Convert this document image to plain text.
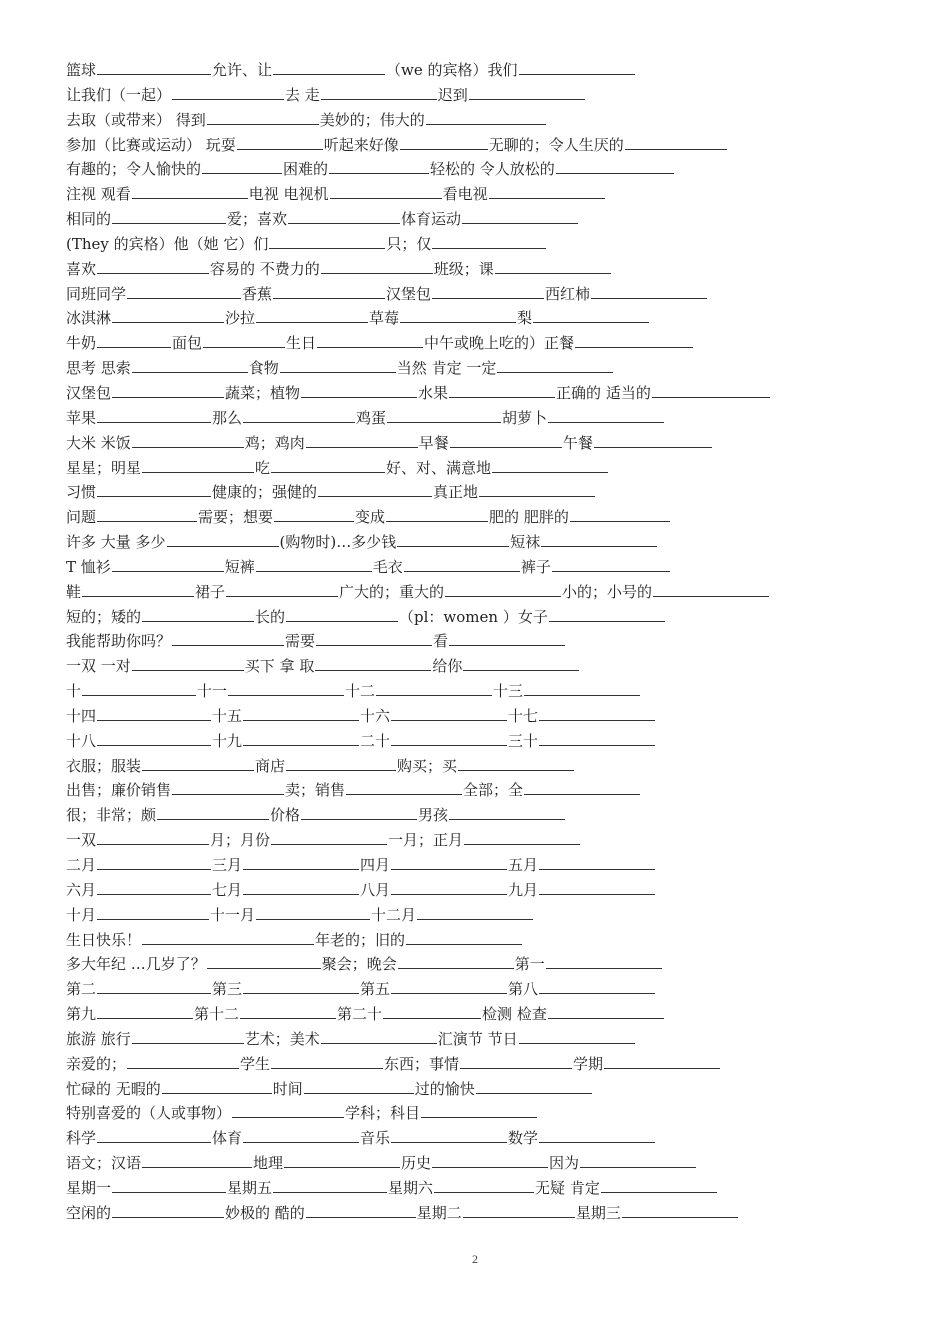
篮球	允许、让	（we 的宾格）我们
让我们（一起）	去 走	迟到
去取（或带来） 得到	美妙的；伟大的
参加（比赛或运动） 玩耍	听起来好像	无聊的；令人生厌的
有趣的；令人愉快的	困难的	轻松的 令人放松的
注视 观看	电视 电视机	看电视
相同的	爱；喜欢	体育运动
(They 的宾格）他（她 它）们	只；仅
喜欢	容易的 不费力的	班级；课
同班同学	香蕉	汉堡包	西红柿
冰淇淋	沙拉	草莓	梨
牛奶	面包	生日	中午或晚上吃的）正餐
思考 思索	食物	当然 肯定 一定
汉堡包	蔬菜；植物	水果	正确的 适当的
苹果	那么	鸡蛋	胡萝卜
大米 米饭	鸡；鸡肉	早餐	午餐
星星；明星	吃	好、对、满意地
习惯	健康的；强健的	真正地
问题	需要；想要	变成	肥的 肥胖的
许多 大量 多少	(购物时)…多少钱	短袜
T 恤衫	短裤	毛衣	裤子
鞋	裙子	广大的；重大的	小的；小号的
短的；矮的	长的	（pl：women ）女子
我能帮助你吗？	需要	看
一双 一对	买下 拿 取	给你
十	十一	十二	十三
十四	十五	十六	十七
十八	十九	二十	三十
衣服；服装	商店	购买；买
出售；廉价销售	卖；销售	全部；全
很；非常；颇	价格	男孩
一双	月；月份	一月；正月
二月	三月	四月	五月
六月	七月	八月	九月
十月	十一月	十二月
生日快乐！	年老的；旧的
多大年纪 …几岁了？	聚会；晚会	第一
第二	第三	第五	第八
第九	第十二	第二十	检测 检查
旅游 旅行	艺术；美术	汇演节 节日
亲爱的；	学生	东西；事情	学期
忙碌的 无暇的	时间	过的愉快
特别喜爱的（人或事物）	学科；科目
科学	体育	音乐	数学
语文；汉语	地理	历史	因为
星期一	星期五	星期六	无疑 肯定
空闲的	妙极的 酷的	星期二	星期三
2
